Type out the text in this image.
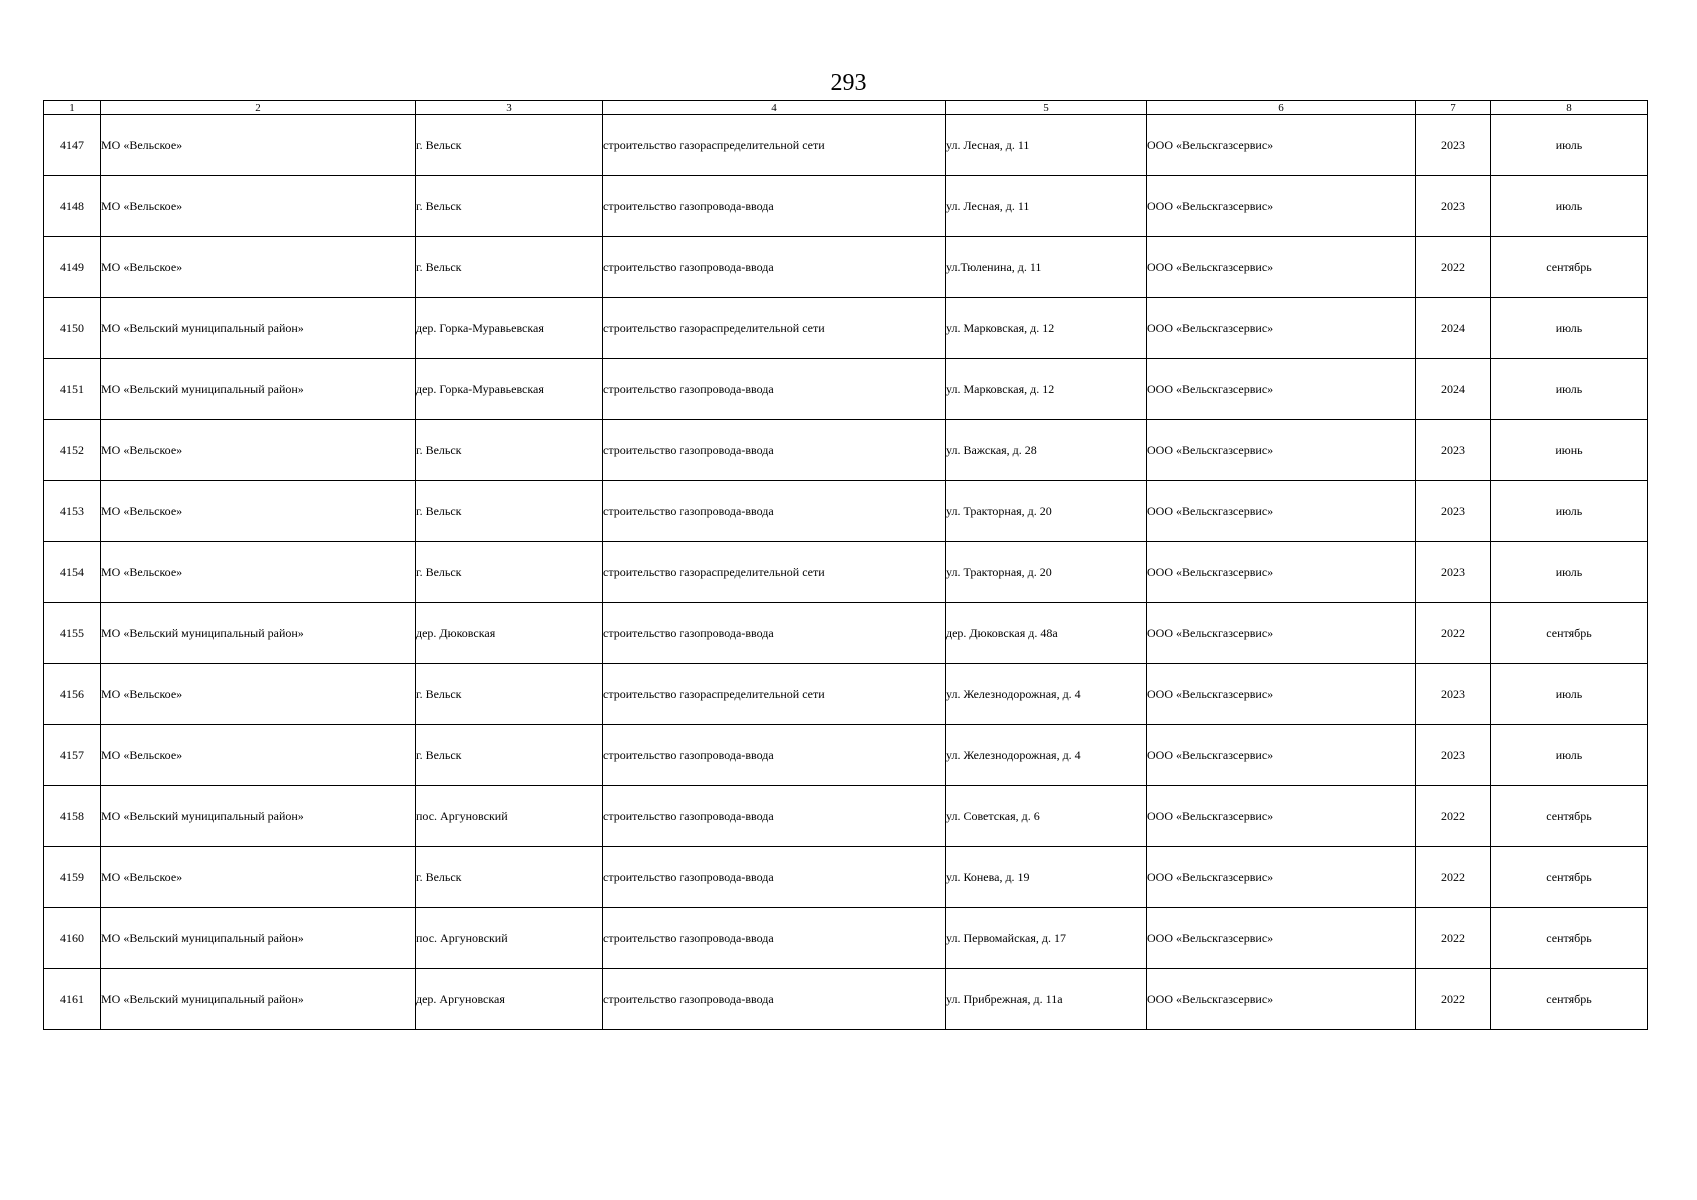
293
1	2	3	4	5	6	7	8
4147	МО «Вельское»	г. Вельск	строительство газораспределительной сети	ул. Лесная, д. 11	ООО «Вельскгазсервис»	2023	июль
4148	МО «Вельское»	г. Вельск	строительство газопровода-ввода	ул. Лесная, д. 11	ООО «Вельскгазсервис»	2023	июль
4149	МО «Вельское»	г. Вельск	строительство газопровода-ввода	ул.Тюленина, д. 11	ООО «Вельскгазсервис»	2022	сентябрь
4150	МО «Вельский муниципальный район»	дер. Горка-Муравьевская	строительство газораспределительной сети	ул. Марковская, д. 12	ООО «Вельскгазсервис»	2024	июль
4151	МО «Вельский муниципальный район»	дер. Горка-Муравьевская	строительство газопровода-ввода	ул. Марковская, д. 12	ООО «Вельскгазсервис»	2024	июль
4152	МО «Вельское»	г. Вельск	строительство газопровода-ввода	ул. Важская, д. 28	ООО «Вельскгазсервис»	2023	июнь
4153	МО «Вельское»	г. Вельск	строительство газопровода-ввода	ул. Тракторная, д. 20	ООО «Вельскгазсервис»	2023	июль
4154	МО «Вельское»	г. Вельск	строительство газораспределительной сети	ул. Тракторная, д. 20	ООО «Вельскгазсервис»	2023	июль
4155	МО «Вельский муниципальный район»	дер. Дюковская	строительство газопровода-ввода	дер. Дюковская д. 48а	ООО «Вельскгазсервис»	2022	сентябрь
4156	МО «Вельское»	г. Вельск	строительство газораспределительной сети	ул. Железнодорожная, д. 4	ООО «Вельскгазсервис»	2023	июль
4157	МО «Вельское»	г. Вельск	строительство газопровода-ввода	ул. Железнодорожная, д. 4	ООО «Вельскгазсервис»	2023	июль
4158	МО «Вельский муниципальный район»	пос. Аргуновский	строительство газопровода-ввода	ул. Советская, д. 6	ООО «Вельскгазсервис»	2022	сентябрь
4159	МО «Вельское»	г. Вельск	строительство газопровода-ввода	ул. Конева, д. 19	ООО «Вельскгазсервис»	2022	сентябрь
4160	МО «Вельский муниципальный район»	пос. Аргуновский	строительство газопровода-ввода	ул. Первомайская, д. 17	ООО «Вельскгазсервис»	2022	сентябрь
4161	МО «Вельский муниципальный район»	дер. Аргуновская	строительство газопровода-ввода	ул. Прибрежная, д. 11а	ООО «Вельскгазсервис»	2022	сентябрь
